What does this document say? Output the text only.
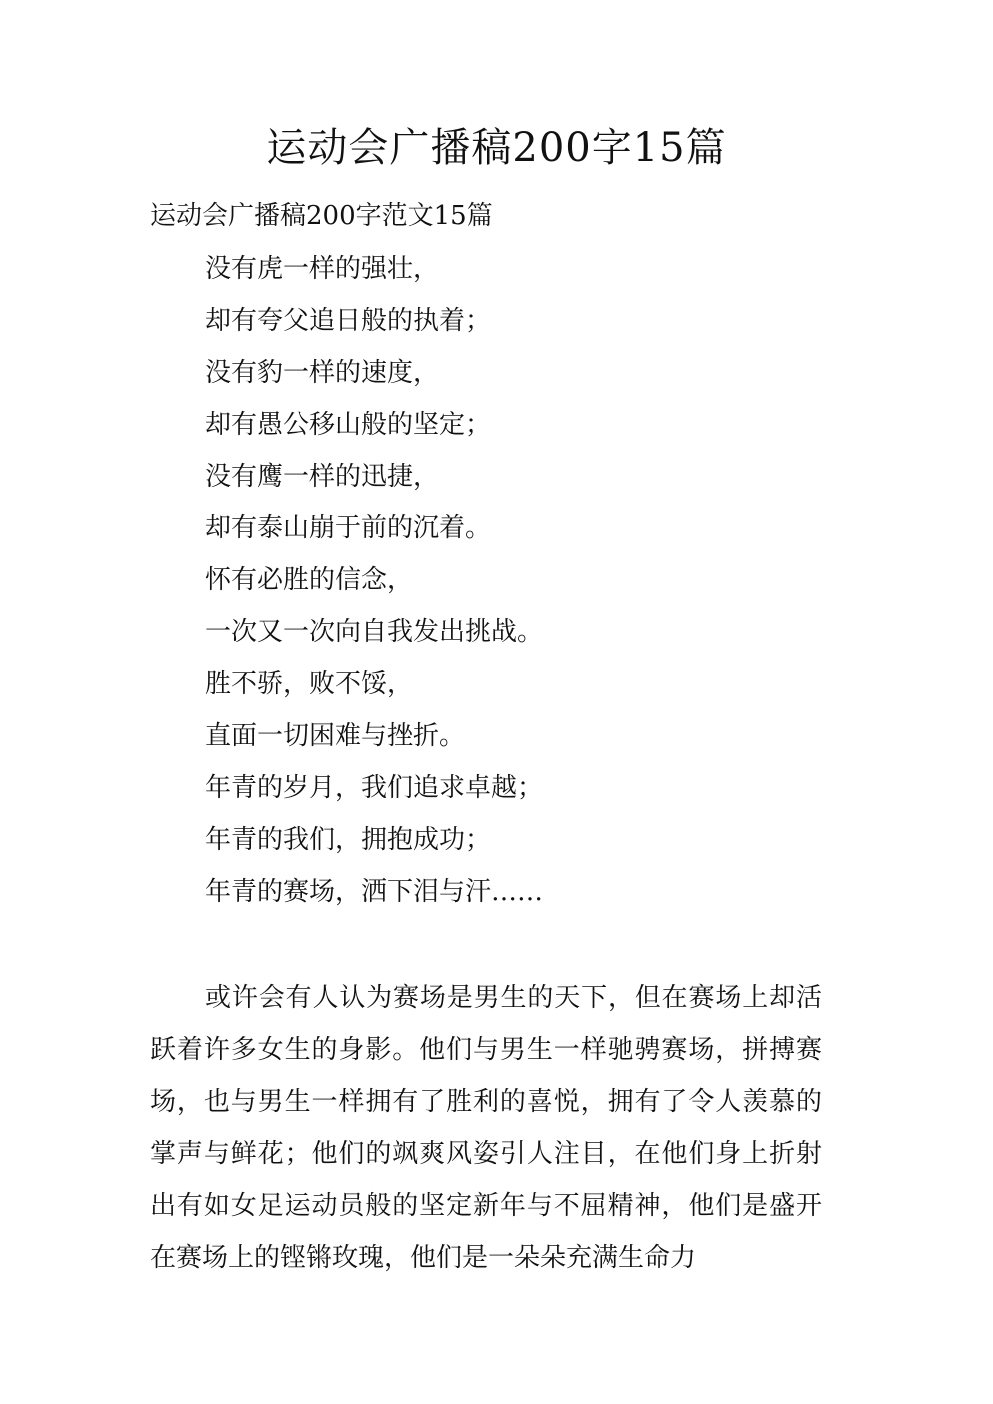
运动会广播稿200字15篇
运动会广播稿200字范文15篇
没有虎一样的强壮，
却有夸父追日般的执着；
没有豹一样的速度，
却有愚公移山般的坚定；
没有鹰一样的迅捷，
却有泰山崩于前的沉着。
怀有必胜的信念，
一次又一次向自我发出挑战。
胜不骄，败不馁，
直面一切困难与挫折。
年青的岁月，我们追求卓越；
年青的我们，拥抱成功；
年青的赛场，洒下泪与汗……

或许会有人认为赛场是男生的天下，但在赛场上却活跃着许多女生的身影。他们与男生一样驰骋赛场，拼搏赛场，也与男生一样拥有了胜利的喜悦，拥有了令人羡慕的掌声与鲜花；他们的飒爽风姿引人注目，在他们身上折射出有如女足运动员般的坚定新年与不屈精神，他们是盛开在赛场上的铿锵玫瑰，他们是一朵朵充满生命力
